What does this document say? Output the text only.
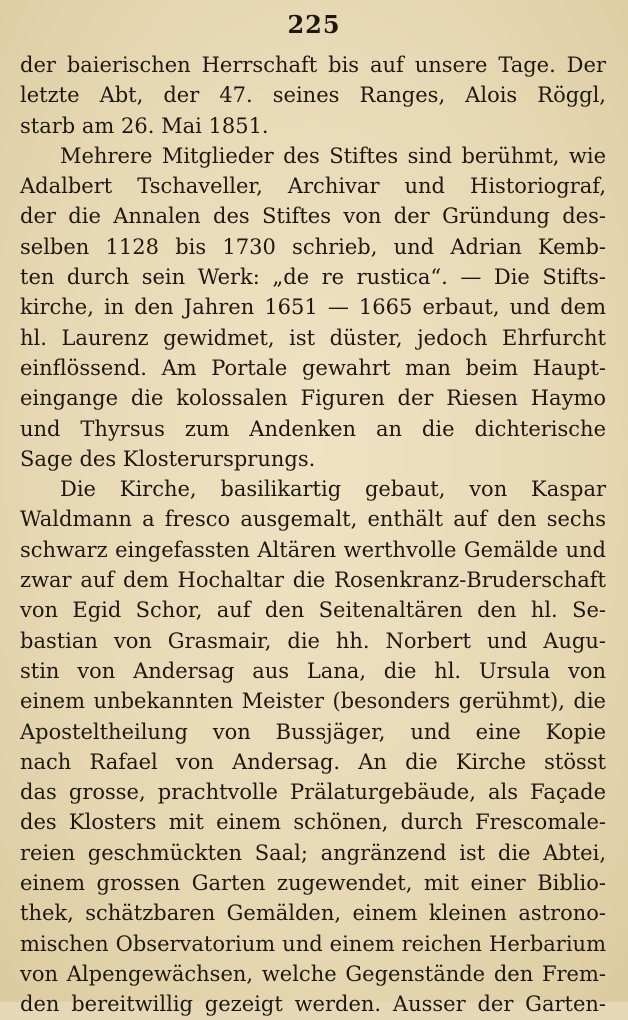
225
der baierischen Herrschaft bis auf unsere Tage. Der
letzte Abt, der 47. seines Ranges, Alois Röggl,
starb am 26. Mai 1851.
Mehrere Mitglieder des Stiftes sind berühmt, wie
Adalbert Tschaveller, Archivar und Historiograf,
der die Annalen des Stiftes von der Gründung des-
selben 1128 bis 1730 schrieb, und Adrian Kemb-
ten durch sein Werk: „de re rustica“. — Die Stifts-
kirche, in den Jahren 1651 — 1665 erbaut, und dem
hl. Laurenz gewidmet, ist düster, jedoch Ehrfurcht
einflössend. Am Portale gewahrt man beim Haupt-
eingange die kolossalen Figuren der Riesen Haymo
und Thyrsus zum Andenken an die dichterische
Sage des Klosterursprungs.
Die Kirche, basilikartig gebaut, von Kaspar
Waldmann a fresco ausgemalt, enthält auf den sechs
schwarz eingefassten Altären werthvolle Gemälde und
zwar auf dem Hochaltar die Rosenkranz-Bruderschaft
von Egid Schor, auf den Seitenaltären den hl. Se-
bastian von Grasmair, die hh. Norbert und Augu-
stin von Andersag aus Lana, die hl. Ursula von
einem unbekannten Meister (besonders gerühmt), die
Aposteltheilung von Bussjäger, und eine Kopie
nach Rafael von Andersag. An die Kirche stösst
das grosse, prachtvolle Prälaturgebäude, als Façade
des Klosters mit einem schönen, durch Frescomale-
reien geschmückten Saal; angränzend ist die Abtei,
einem grossen Garten zugewendet, mit einer Biblio-
thek, schätzbaren Gemälden, einem kleinen astrono-
mischen Observatorium und einem reichen Herbarium
von Alpengewächsen, welche Gegenstände den Frem-
den bereitwillig gezeigt werden. Ausser der Garten-
